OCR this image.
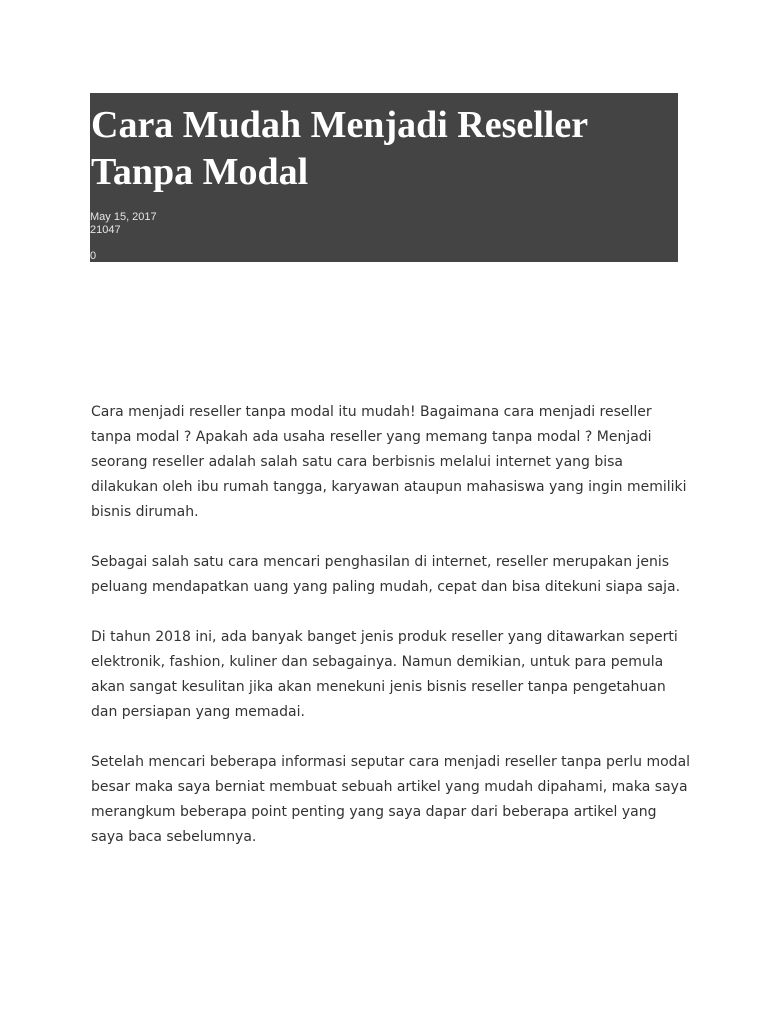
Cara Mudah Menjadi Reseller Tanpa Modal
May 15, 2017
21047
0

Cara menjadi reseller tanpa modal itu mudah! Bagaimana cara menjadi reseller tanpa modal ? Apakah ada usaha reseller yang memang tanpa modal ? Menjadi seorang reseller adalah salah satu cara berbisnis melalui internet yang bisa dilakukan oleh ibu rumah tangga, karyawan ataupun mahasiswa yang ingin memiliki bisnis dirumah.

Sebagai salah satu cara mencari penghasilan di internet, reseller merupakan jenis peluang mendapatkan uang yang paling mudah, cepat dan bisa ditekuni siapa saja.

Di tahun 2018 ini, ada banyak banget jenis produk reseller yang ditawarkan seperti elektronik, fashion, kuliner dan sebagainya. Namun demikian, untuk para pemula akan sangat kesulitan jika akan menekuni jenis bisnis reseller tanpa pengetahuan dan persiapan yang memadai.

Setelah mencari beberapa informasi seputar cara menjadi reseller tanpa perlu modal besar maka saya berniat membuat sebuah artikel yang mudah dipahami, maka saya merangkum beberapa point penting yang saya dapar dari beberapa artikel yang saya baca sebelumnya.
